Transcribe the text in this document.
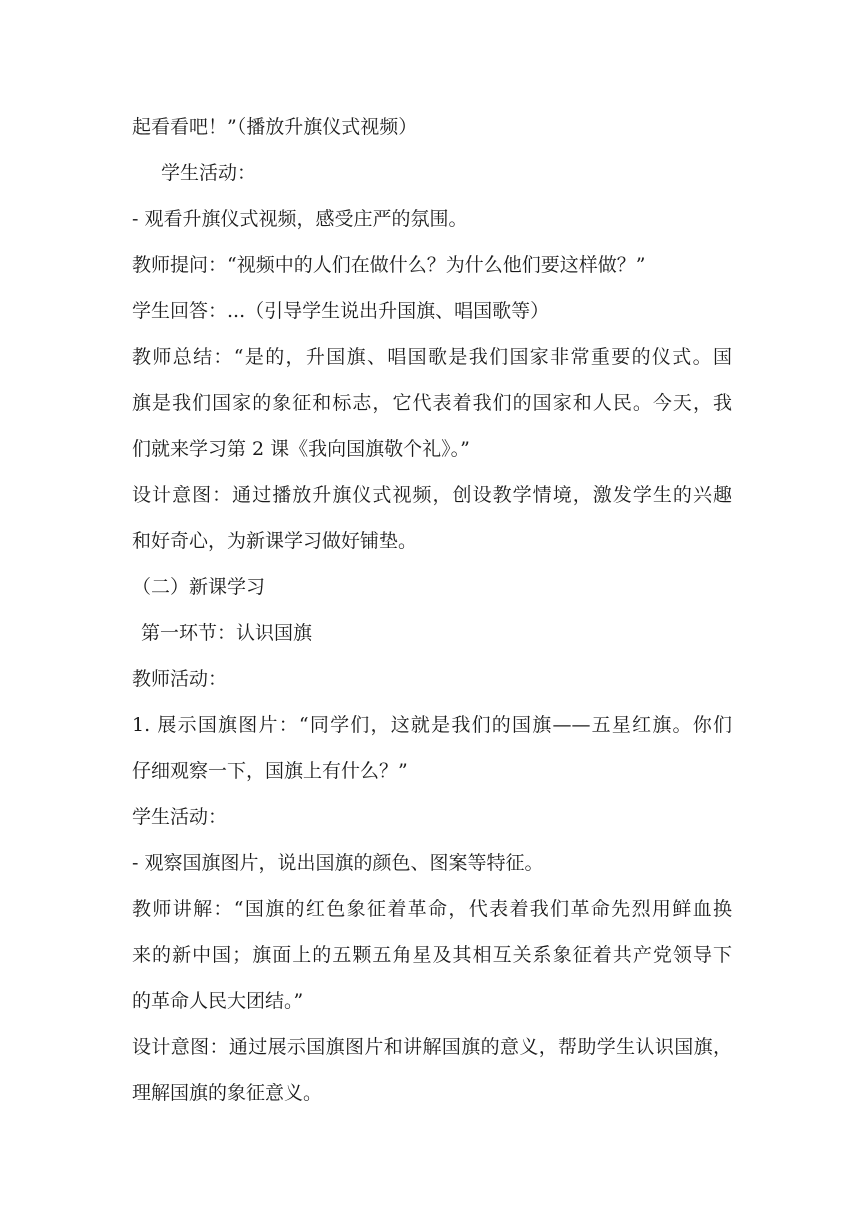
起看看吧！”（播放升旗仪式视频）
学生活动：
- 观看升旗仪式视频，感受庄严的氛围。
教师提问：“视频中的人们在做什么？为什么他们要这样做？”
学生回答：...（引导学生说出升国旗、唱国歌等）
教师总结：“是的，升国旗、唱国歌是我们国家非常重要的仪式。国
旗是我们国家的象征和标志，它代表着我们的国家和人民。今天，我
们就来学习第 2 课《我向国旗敬个礼》。”
设计意图：通过播放升旗仪式视频，创设教学情境，激发学生的兴趣
和好奇心，为新课学习做好铺垫。
（二）新课学习
第一环节：认识国旗
教师活动：
1. 展示国旗图片：“同学们，这就是我们的国旗——五星红旗。你们
仔细观察一下，国旗上有什么？”
学生活动：
- 观察国旗图片，说出国旗的颜色、图案等特征。
教师讲解：“国旗的红色象征着革命，代表着我们革命先烈用鲜血换
来的新中国；旗面上的五颗五角星及其相互关系象征着共产党领导下
的革命人民大团结。”
设计意图：通过展示国旗图片和讲解国旗的意义，帮助学生认识国旗，
理解国旗的象征意义。
